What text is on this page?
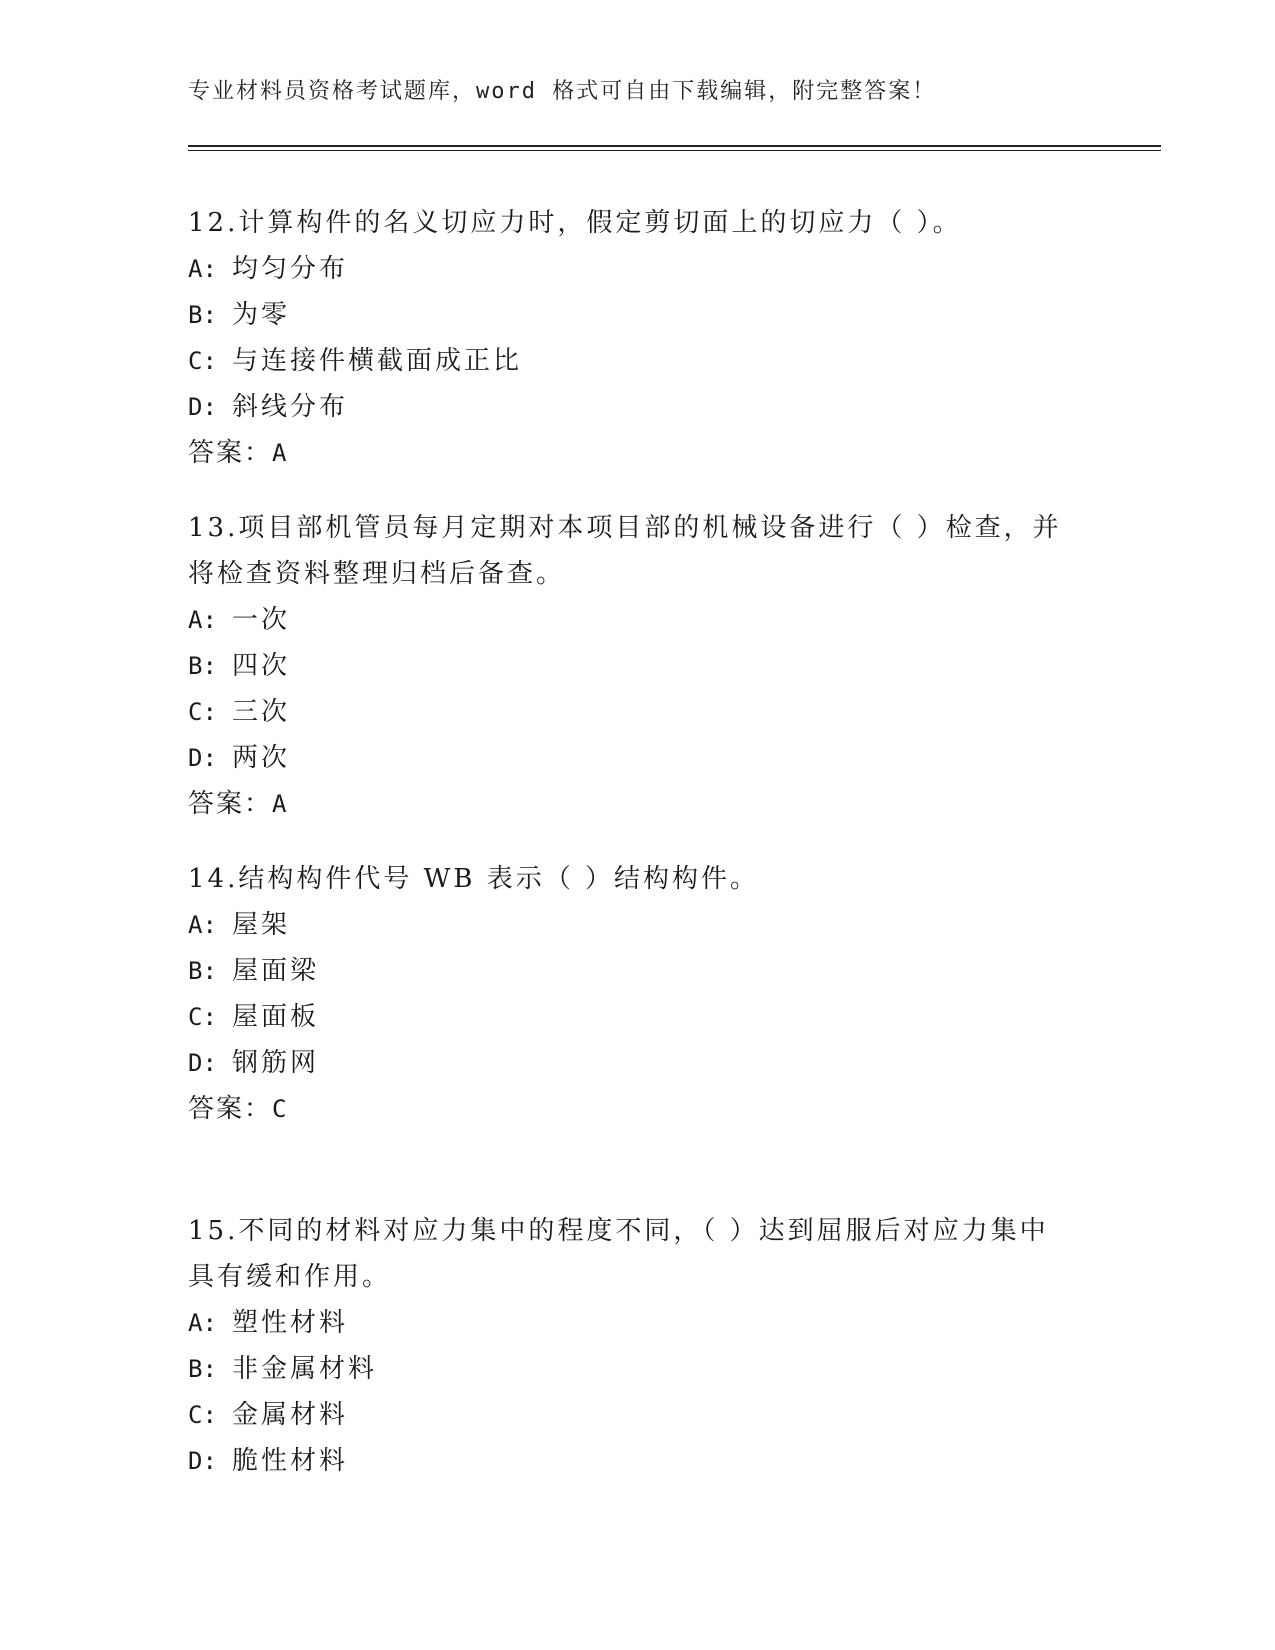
专业材料员资格考试题库，word 格式可自由下载编辑，附完整答案！
12.计算构件的名义切应力时，假定剪切面上的切应力（ ）。
A: 均匀分布
B: 为零
C: 与连接件横截面成正比
D: 斜线分布
答案：A
13.项目部机管员每月定期对本项目部的机械设备进行（ ）检查，并
将检查资料整理归档后备查。
A: 一次
B: 四次
C: 三次
D: 两次
答案：A
14.结构构件代号 WB 表示（ ）结构构件。
A: 屋架
B: 屋面梁
C: 屋面板
D: 钢筋网
答案：C
15.不同的材料对应力集中的程度不同，（ ）达到屈服后对应力集中
具有缓和作用。
A: 塑性材料
B: 非金属材料
C: 金属材料
D: 脆性材料
